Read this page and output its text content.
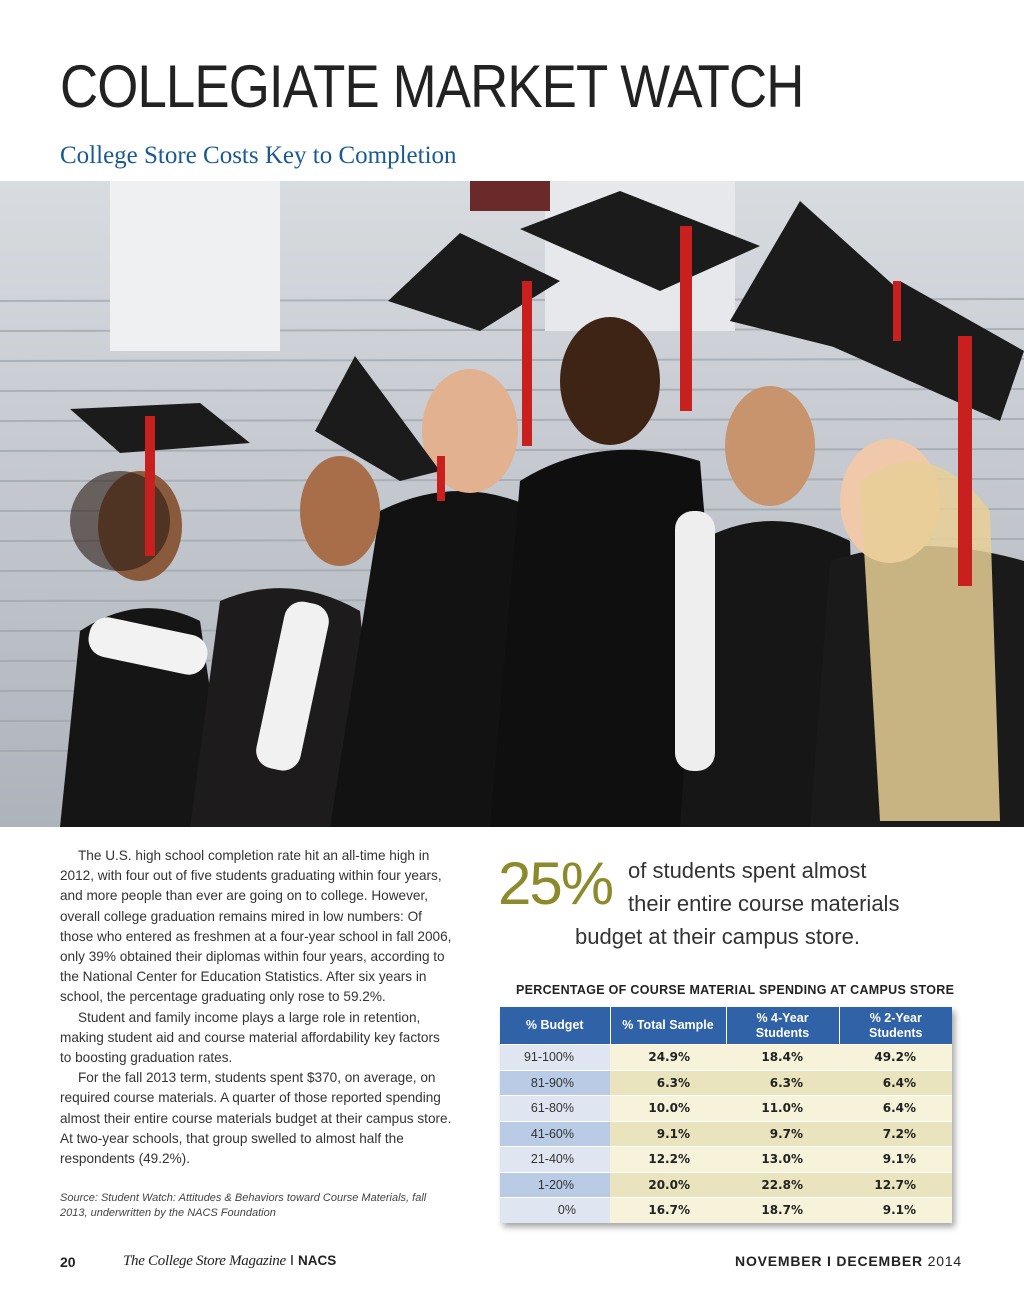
COLLEGIATE MARKET WATCH
College Store Costs Key to Completion

The U.S. high school completion rate hit an all-time high in 2012, with four out of five students graduating within four years, and more people than ever are going on to college. However, overall college graduation remains mired in low numbers: Of those who entered as freshmen at a four-year school in fall 2006, only 39% obtained their diplomas within four years, according to the National Center for Education Statistics. After six years in school, the percentage graduating only rose to 59.2%.

Student and family income plays a large role in retention, making student aid and course material affordability key factors to boosting graduation rates.

For the fall 2013 term, students spent $370, on average, on required course materials. A quarter of those reported spending almost their entire course materials budget at their campus store. At two-year schools, that group swelled to almost half the respondents (49.2%).

Source: Student Watch: Attitudes & Behaviors toward Course Materials, fall 2013, underwritten by the NACS Foundation
25% of students spent almost
their entire course materials
budget at their campus store.
PERCENTAGE OF COURSE MATERIAL SPENDING AT CAMPUS STORE
% Budget	% Total Sample	% 4-Year Students	% 2-Year Students
91-100%	24.9%	18.4%	49.2%
81-90%	6.3%	6.3%	6.4%
61-80%	10.0%	11.0%	6.4%
41-60%	9.1%	9.7%	7.2%
21-40%	12.2%	13.0%	9.1%
1-20%	20.0%	22.8%	12.7%
0%	16.7%	18.7%	9.1%
20	The College Store Magazine I NACS	NOVEMBER I DECEMBER 2014
